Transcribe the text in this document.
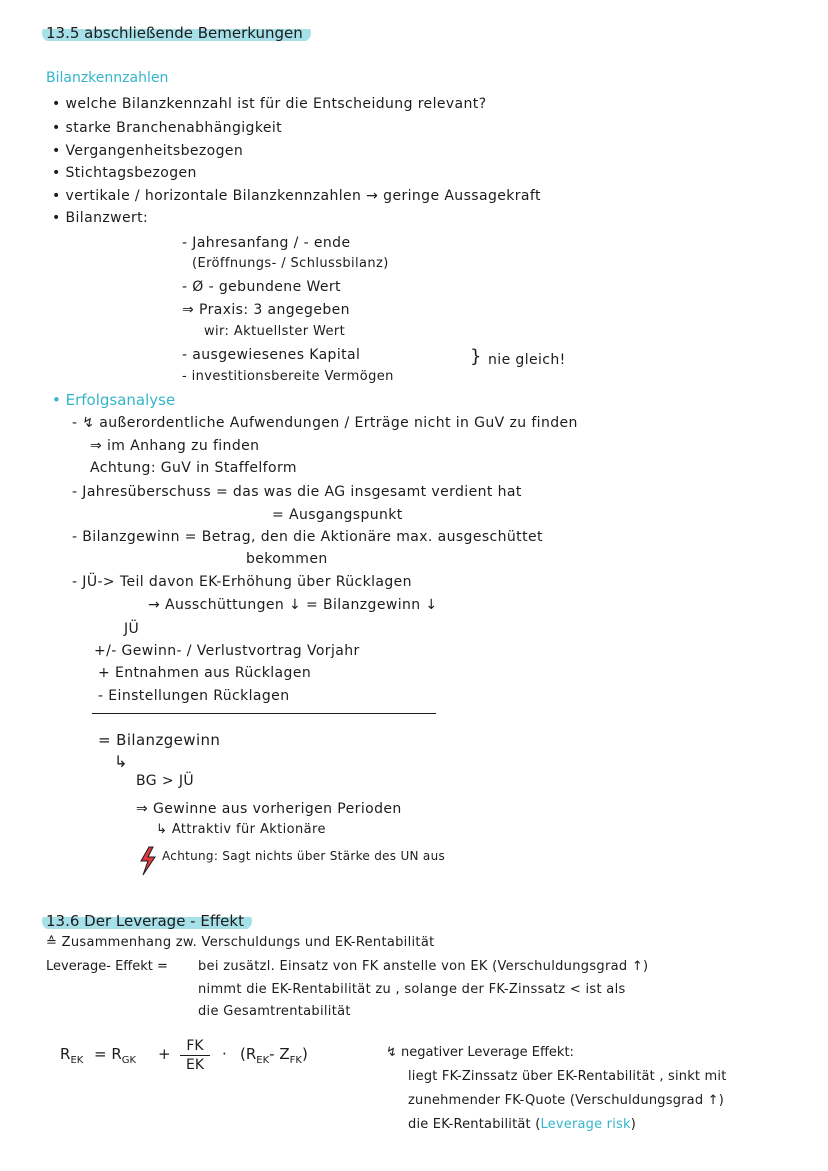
13.5 abschließende Bemerkungen
Bilanzkennzahlen
• welche Bilanzkennzahl ist für die Entscheidung relevant?
• starke Branchenabhängigkeit
• Vergangenheitsbezogen
• Stichtagsbezogen
• vertikale / horizontale Bilanzkennzahlen → geringe Aussagekraft
• Bilanzwert:
- Jahresanfang / - ende
(Eröffnungs- / Schlussbilanz)
- Ø - gebundene Wert
⇒ Praxis: 3 angegeben
wir: Aktuellster Wert
- ausgewiesenes Kapital
- investitionsbereite Vermögen
} nie gleich!
• Erfolgsanalyse
- ↯ außerordentliche Aufwendungen / Erträge nicht in GuV zu finden
⇒ im Anhang zu finden
Achtung: GuV in Staffelform
- Jahresüberschuss = das was die AG insgesamt verdient hat
= Ausgangspunkt
- Bilanzgewinn = Betrag, den die Aktionäre max. ausgeschüttet
bekommen
- JÜ-> Teil davon EK-Erhöhung über Rücklagen
→ Ausschüttungen ↓ = Bilanzgewinn ↓
JÜ
+/- Gewinn- / Verlustvortrag Vorjahr
+ Entnahmen aus Rücklagen
- Einstellungen Rücklagen
= Bilanzgewinn
↳
BG > JÜ
⇒ Gewinne aus vorherigen Perioden
↳ Attraktiv für Aktionäre
Achtung: Sagt nichts über Stärke des UN aus
13.6 Der Leverage - Effekt
≙ Zusammenhang zw. Verschuldungs und EK-Rentabilität
Leverage- Effekt = bei zusätzl. Einsatz von FK anstelle von EK (Verschuldungsgrad ↑)
nimmt die EK-Rentabilität zu , solange der FK-Zinssatz < ist als
die Gesamtrentabilität
$R_{EK} = R_{GK}$ +	FK
EK
· ($R_{EK}-$ $Z_{FK}$)	↯ negativer Leverage Effekt:
liegt FK-Zinssatz über EK-Rentabilität , sinkt mit
zunehmender FK-Quote (Verschuldungsgrad ↑)
die EK-Rentabilität (Leverage risk)
